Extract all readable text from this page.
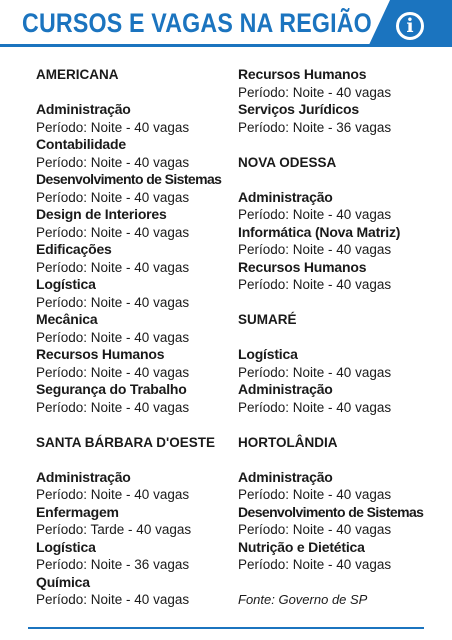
CURSOS E VAGAS NA REGIÃO	i
AMERICANA
Administração
Período: Noite - 40 vagas
Contabilidade
Período: Noite - 40 vagas
Desenvolvimento de Sistemas
Período: Noite - 40 vagas
Design de Interiores
Período: Noite - 40 vagas
Edificações
Período: Noite - 40 vagas
Logística
Período: Noite - 40 vagas
Mecânica
Período: Noite - 40 vagas
Recursos Humanos
Período: Noite - 40 vagas
Segurança do Trabalho
Período: Noite - 40 vagas
SANTA BÁRBARA D'OESTE
Administração
Período: Noite - 40 vagas
Enfermagem
Período: Tarde - 40 vagas
Logística
Período: Noite - 36 vagas
Química
Período: Noite - 40 vagas
Recursos Humanos
Período: Noite - 40 vagas
Serviços Jurídicos
Período: Noite - 36 vagas
NOVA ODESSA
Administração
Período: Noite - 40 vagas
Informática (Nova Matriz)
Período: Noite - 40 vagas
Recursos Humanos
Período: Noite - 40 vagas
SUMARÉ
Logística
Período: Noite - 40 vagas
Administração
Período: Noite - 40 vagas
HORTOLÂNDIA
Administração
Período: Noite - 40 vagas
Desenvolvimento de Sistemas
Período: Noite - 40 vagas
Nutrição e Dietética
Período: Noite - 40 vagas
Fonte: Governo de SP
